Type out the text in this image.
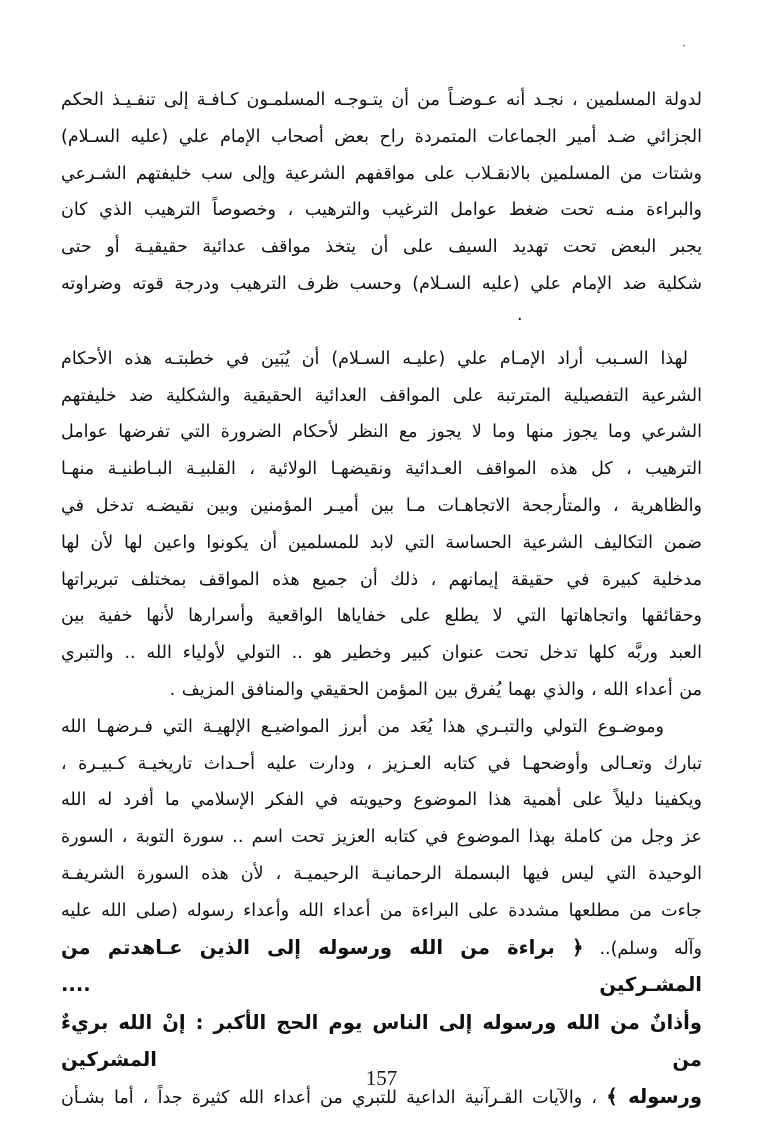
·

لدولة المسلمين ، نجـد أنه عـوضـاً من أن يتـوجـه المسلمـون كـافـة إلى تنفـيـذ الحكم

الجزائي ضـد أمير الجماعات المتمردة راح بعض أصحاب الإمام علي (عليه السـلام)

وشتات من المسلمين بالانقـلاب على مواقفهم الشرعية وإلى سب خليفتهم الشـرعي

والبراءة منـه تحت ضغط عوامل الترغيب والترهيب ، وخصوصاً الترهيب الذي كان

يجبر البعض تحت تهديد السيف على أن يتخذ مواقف عدائية حقيقيـة أو حتى

شكلية ضد الإمام علي (عليه السـلام) وحسب ظرف الترهيب ودرجة قوته وضراوته

لهذا السـبب أراد الإمـام علي (عليـه السـلام) أن يُبَين في خطبتـه هذه الأحكام

الشرعية التفصيلية المترتبة على المواقف العدائية الحقيقية والشكلية ضد خليفتهم

الشرعي وما يجوز منها وما لا يجوز مع النظر لأحكام الضرورة التي تفرضها عوامل

الترهيب ، كل هذه المواقف العـدائية ونقيضهـا الولائية ، القلبيـة البـاطنيـة منهـا

والظاهرية ، والمتأرجحة الاتجاهـات مـا بين أميـر المؤمنين وبين نقيضـه تدخل في

ضمن التكاليف الشرعية الحساسة التي لابد للمسلمين أن يكونوا واعين لها لأن لها

مدخلية كبيرة في حقيقة إيمانهم ، ذلك أن جميع هذه المواقف بمختلف تبريراتها

وحقائقها واتجاهاتها التي لا يطلع على خفاياها الواقعية وأسرارها لأنها خفية بين

العبد وربَّه كلها تدخل تحت عنوان كبير وخطير هو .. التولي لأولياء الله .. والتبري

من أعداء الله ، والذي بهما يُفرق بين المؤمن الحقيقي والمنافق المزيف .

وموضـوع التولي والتبـري هذا يُعَد من أبرز المواضيـع الإلهيـة التي فـرضهـا الله

تبارك وتعـالى وأوضحهـا في كتابه العـزيز ، ودارت عليه أحـداث تاريخيـة كـبيـرة ،

ويكفينا دليلاً على أهمية هذا الموضوع وحيويته في الفكر الإسلامي ما أفرد له الله

عز وجل من كاملة بهذا الموضوع في كتابه العزيز تحت اسم .. سورة التوبة ، السورة

الوحيدة التي ليس فيها البسملة الرحمانيـة الرحيميـة ، لأن هذه السورة الشريفـة

جاءت من مطلعها مشددة على البراءة من أعداء الله وأعداء رسوله (صلى الله عليه

وآله وسلم).. ﴿ براءة من الله ورسوله إلى الذين عـاهدتم من المشـركين ....

وأذانٌ من الله ورسوله إلى الناس يوم الحج الأكبر : إنْ الله بريءٌ من المشركين

ورسوله ﴾ ، والآيات القـرآنية الداعية للتبري من أعداء الله كثيرة جداً ، أما بشـأن

.
157
